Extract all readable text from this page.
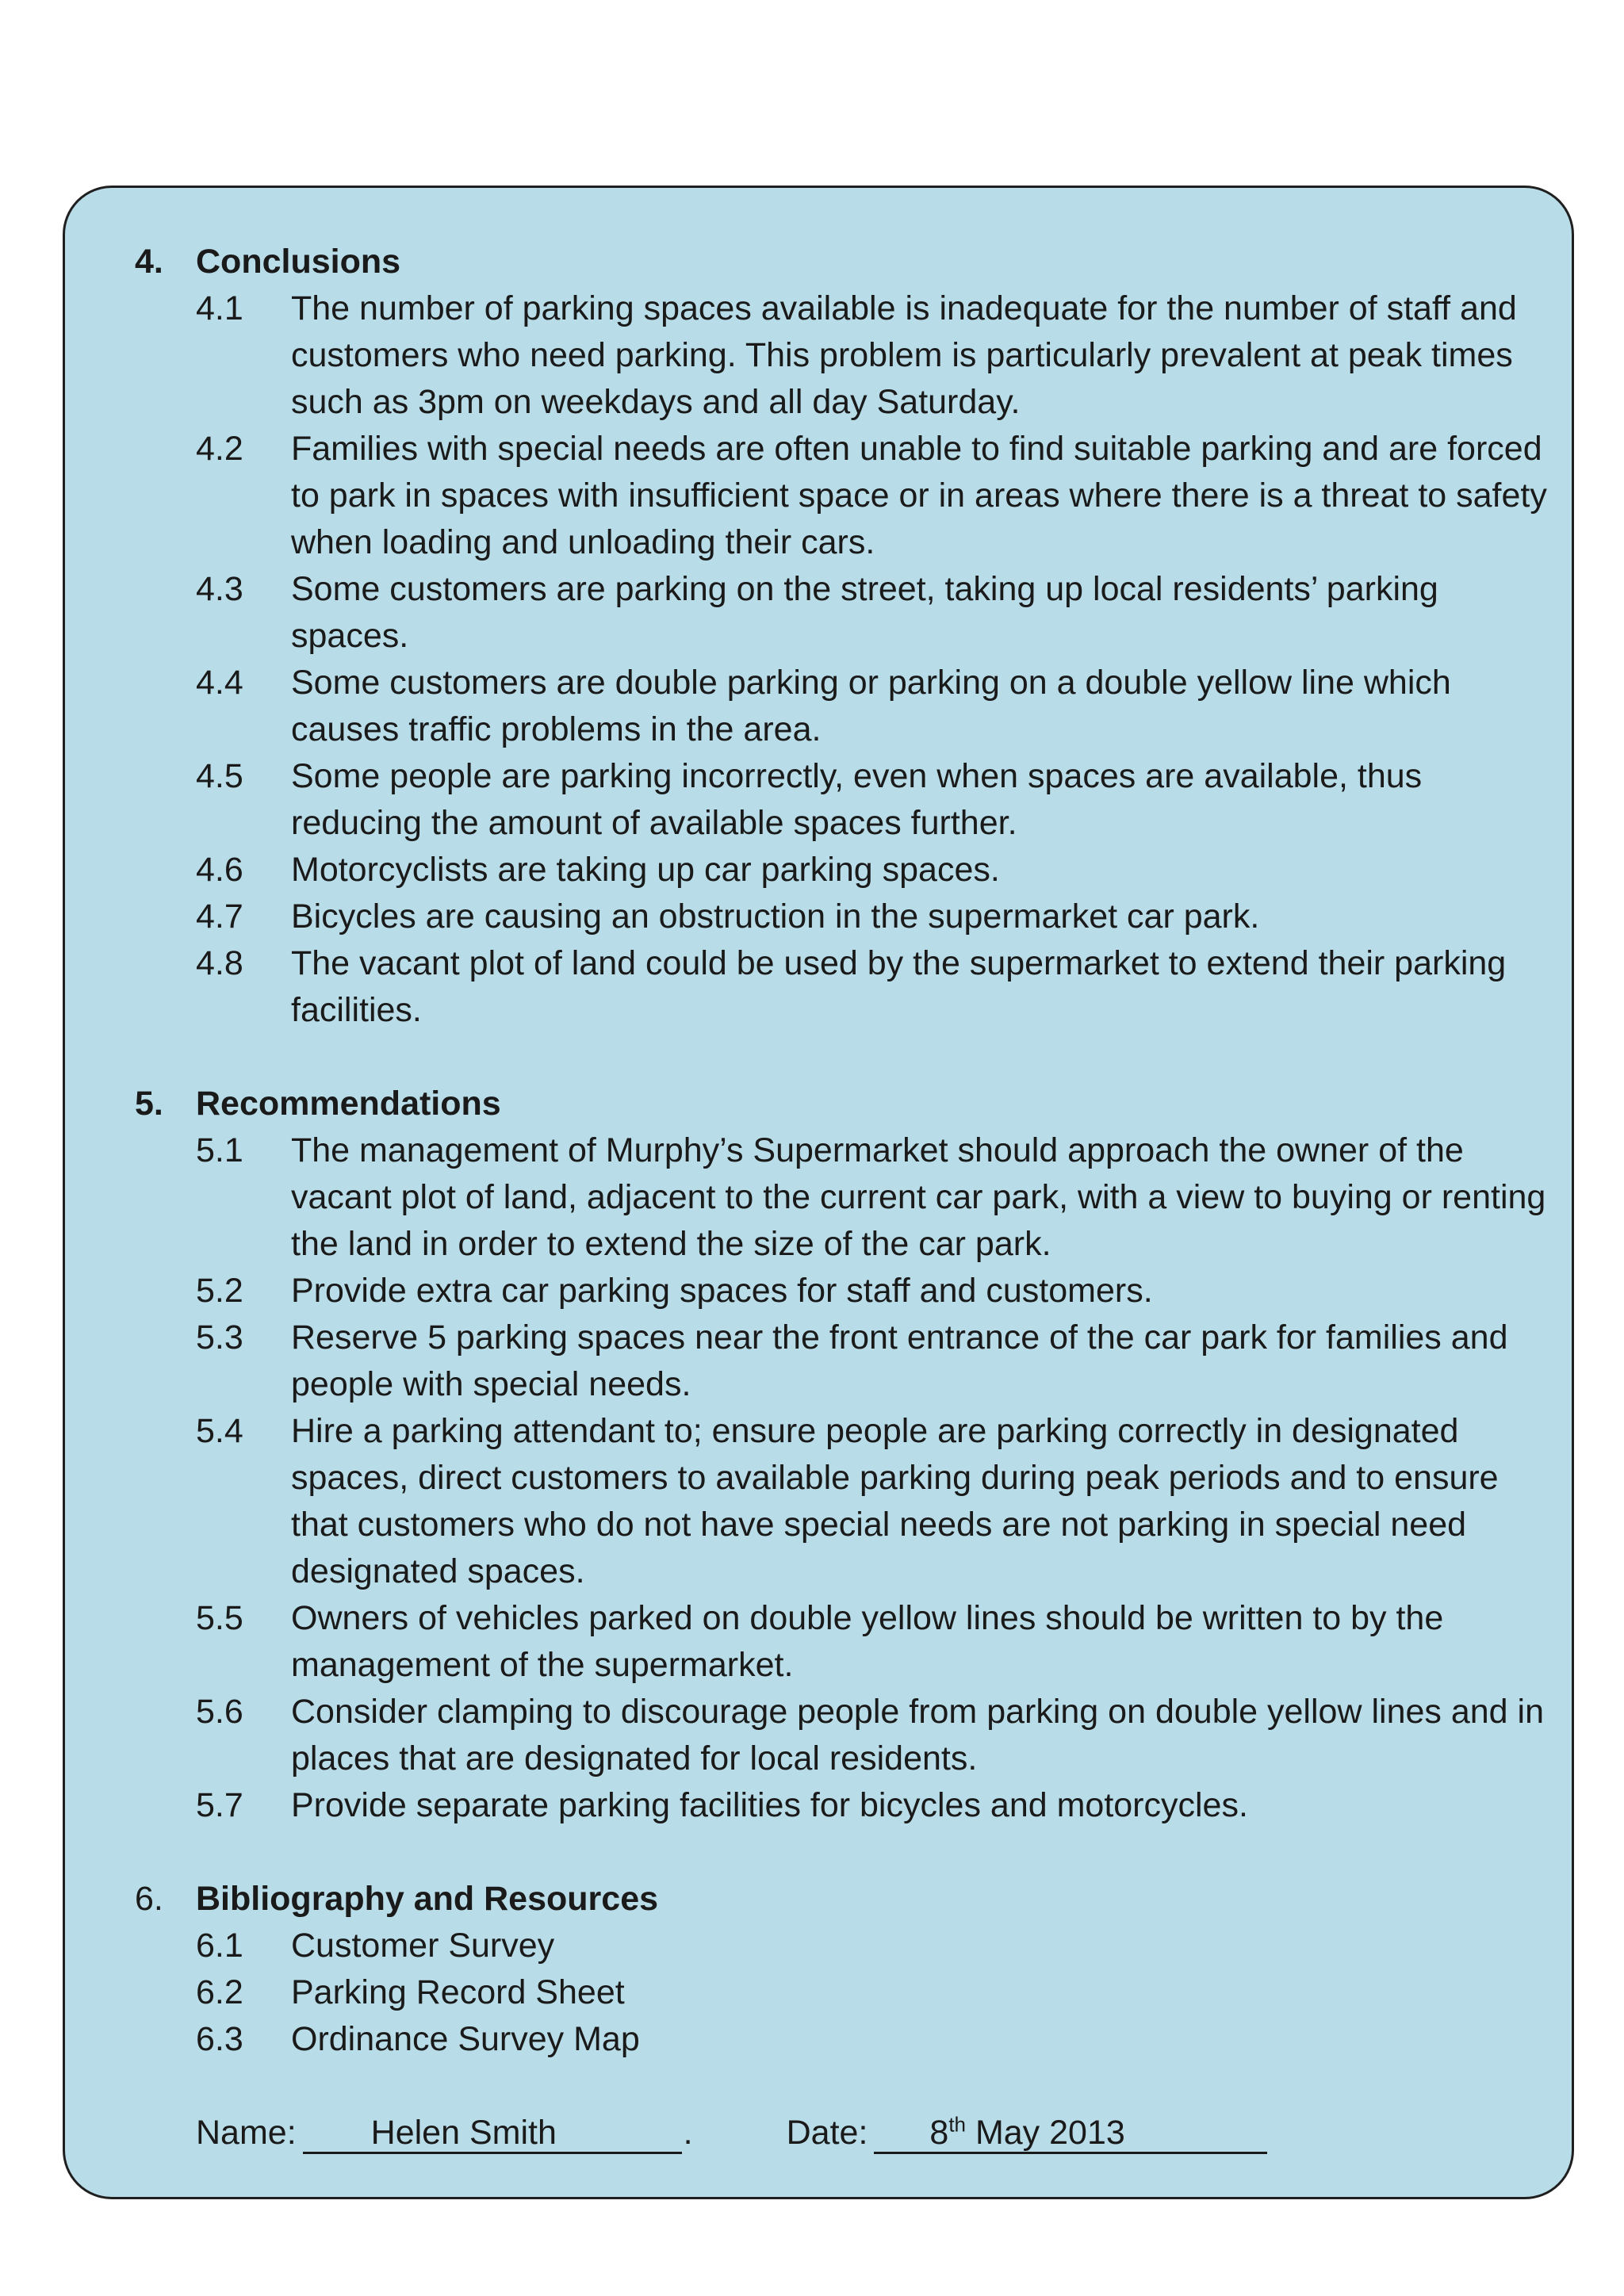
4. Conclusions
4.1	The number of parking spaces available is inadequate for the number of staff and customers who need parking. This problem is particularly prevalent at peak times such as 3pm on weekdays and all day Saturday.
4.2	Families with special needs are often unable to find suitable parking and are forced to park in spaces with insufficient space or in areas where there is a threat to safety when loading and unloading their cars.
4.3	Some customers are parking on the street, taking up local residents’ parking spaces.
4.4	Some customers are double parking or parking on a double yellow line which causes traffic problems in the area.
4.5	Some people are parking incorrectly, even when spaces are available, thus reducing the amount of available spaces further.
4.6	Motorcyclists are taking up car parking spaces.
4.7	Bicycles are causing an obstruction in the supermarket car park.
4.8	The vacant plot of land could be used by the supermarket to extend their parking facilities.
5. Recommendations
5.1	The management of Murphy’s Supermarket should approach the owner of the vacant plot of land, adjacent to the current car park, with a view to buying or renting the land in order to extend the size of the car park.
5.2	Provide extra car parking spaces for staff and customers.
5.3	Reserve 5 parking spaces near the front entrance of the car park for families and people with special needs.
5.4	Hire a parking attendant to; ensure people are parking correctly in designated spaces, direct customers to available parking during peak periods and to ensure that customers who do not have special needs are not parking in special need designated spaces.
5.5	Owners of vehicles parked on double yellow lines should be written to by the management of the supermarket.
5.6	Consider clamping to discourage people from parking on double yellow lines and in places that are designated for local residents.
5.7	Provide separate parking facilities for bicycles and motorcycles.
6. Bibliography and Resources
6.1	Customer Survey
6.2	Parking Record Sheet
6.3	Ordinance Survey Map
Name:	Helen Smith	.	Date:	8th May 2013
